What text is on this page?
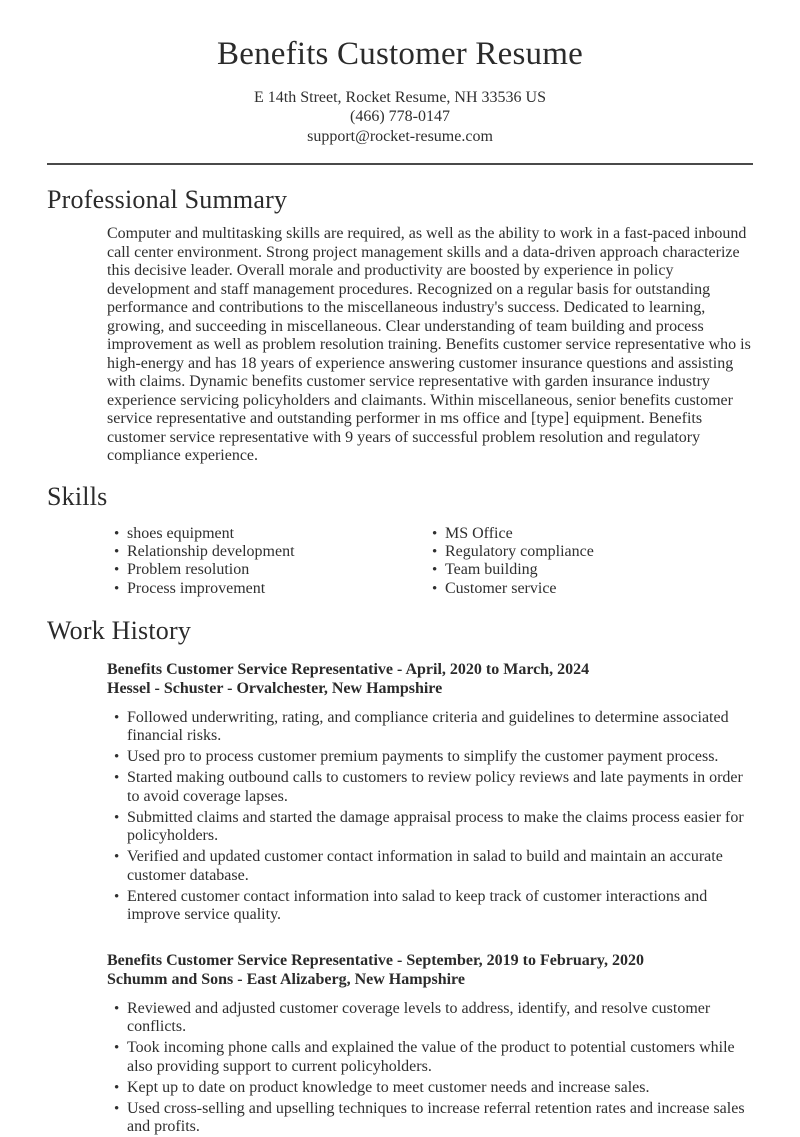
Benefits Customer Resume

E 14th Street, Rocket Resume, NH 33536 US

(466) 778-0147

support@rocket-resume.com

Professional Summary

Computer and multitasking skills are required, as well as the ability to work in a fast-paced inbound call center environment. Strong project management skills and a data-driven approach characterize this decisive leader. Overall morale and productivity are boosted by experience in policy development and staff management procedures. Recognized on a regular basis for outstanding performance and contributions to the miscellaneous industry's success. Dedicated to learning, growing, and succeeding in miscellaneous. Clear understanding of team building and process improvement as well as problem resolution training. Benefits customer service representative who is high-energy and has 18 years of experience answering customer insurance questions and assisting with claims. Dynamic benefits customer service representative with garden insurance industry experience servicing policyholders and claimants. Within miscellaneous, senior benefits customer service representative and outstanding performer in ms office and [type] equipment. Benefits customer service representative with 9 years of successful problem resolution and regulatory compliance experience.

Skills
• shoes equipment
• Relationship development
• Problem resolution
• Process improvement
• MS Office
• Regulatory compliance
• Team building
• Customer service
Work History

Benefits Customer Service Representative - April, 2020 to March, 2024

Hessel - Schuster - Orvalchester, New Hampshire

• Followed underwriting, rating, and compliance criteria and guidelines to determine associated financial risks.
• Used pro to process customer premium payments to simplify the customer payment process.
• Started making outbound calls to customers to review policy reviews and late payments in order to avoid coverage lapses.
• Submitted claims and started the damage appraisal process to make the claims process easier for policyholders.
• Verified and updated customer contact information in salad to build and maintain an accurate customer database.
• Entered customer contact information into salad to keep track of customer interactions and improve service quality.

Benefits Customer Service Representative - September, 2019 to February, 2020

Schumm and Sons - East Alizaberg, New Hampshire

• Reviewed and adjusted customer coverage levels to address, identify, and resolve customer conflicts.
• Took incoming phone calls and explained the value of the product to potential customers while also providing support to current policyholders.
• Kept up to date on product knowledge to meet customer needs and increase sales.
• Used cross-selling and upselling techniques to increase referral retention rates and increase sales and profits.
